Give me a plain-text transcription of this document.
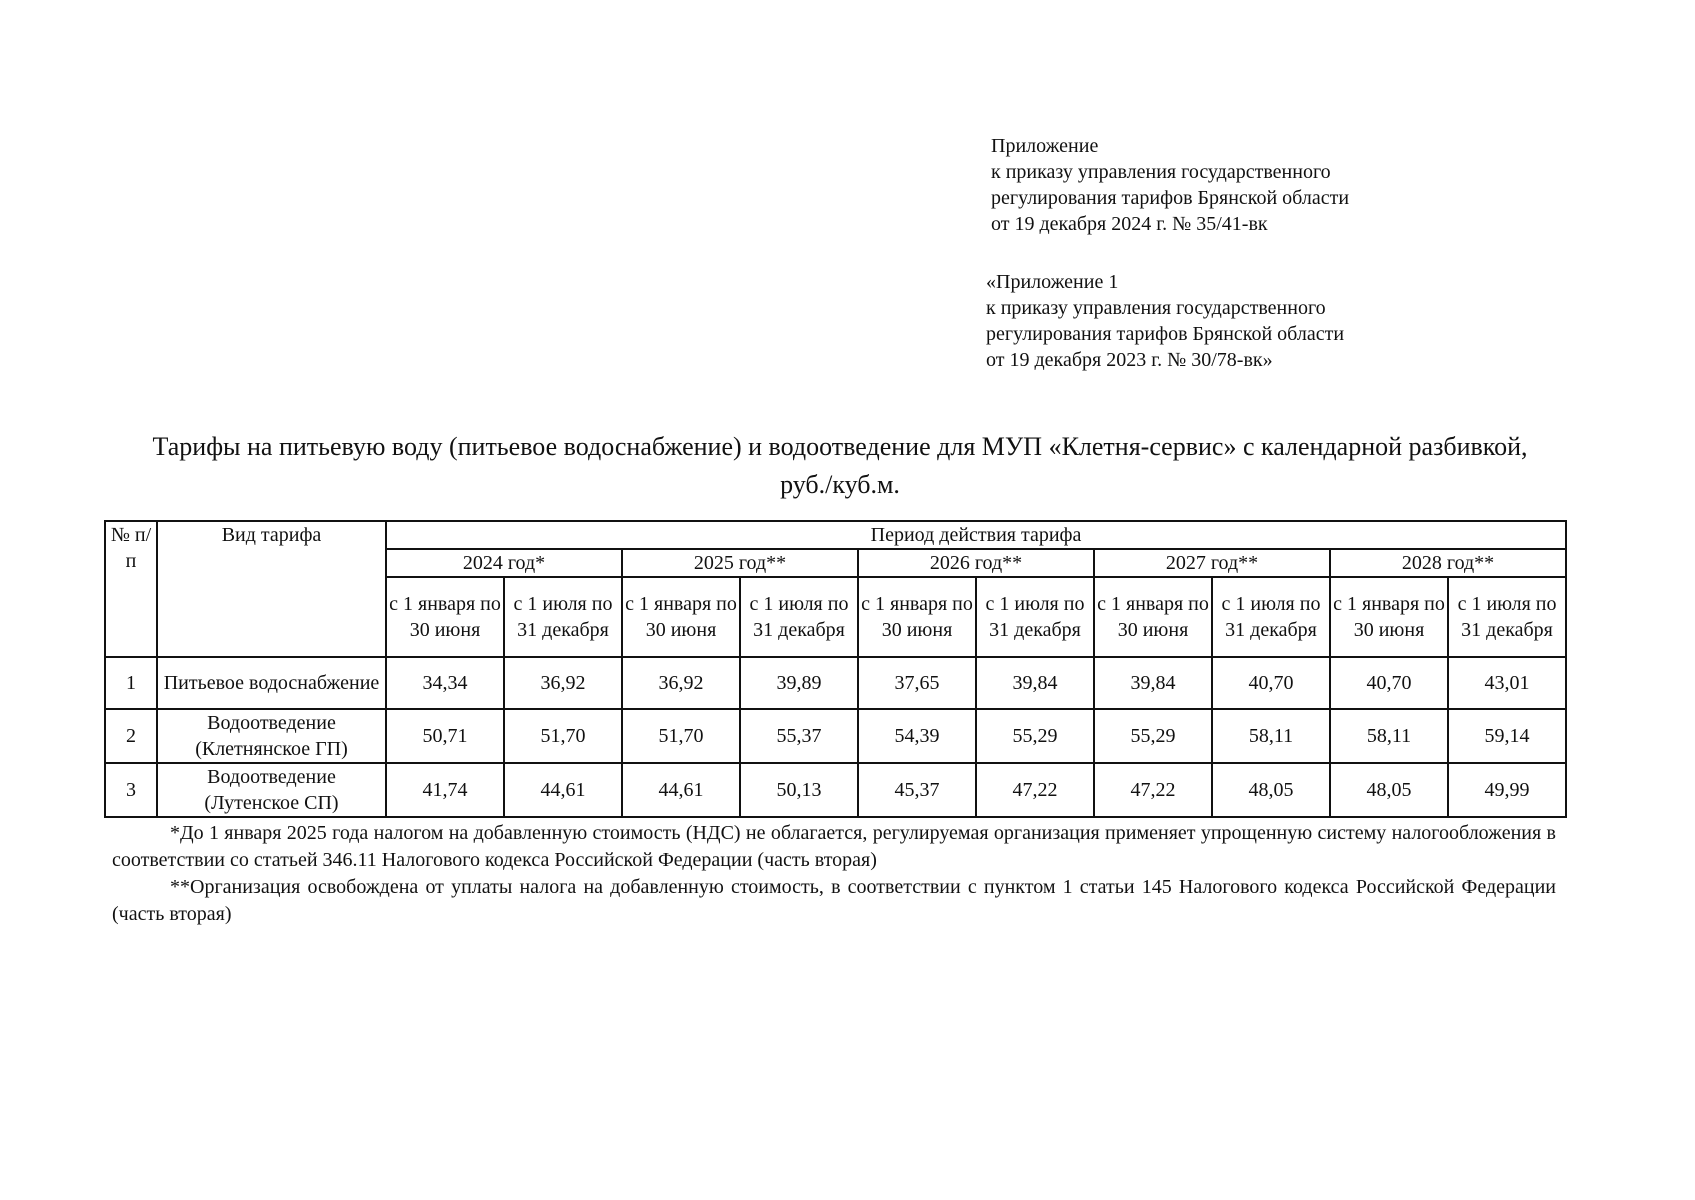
Приложение
к приказу управления государственного
регулирования тарифов Брянской области
от 19 декабря 2024 г. № 35/41-вк
«Приложение 1
к приказу управления государственного
регулирования тарифов Брянской области
от 19 декабря 2023 г. № 30/78-вк»
Тарифы на питьевую воду (питьевое водоснабжение) и водоотведение для МУП «Клетня-сервис» с календарной разбивкой,
руб./куб.м.
№ п/п	Вид тарифа	Период действия тарифа									
		2024 год*		2025 год**		2026 год**		2027 год**		2028 год**	
		с 1 января по 30 июня	с 1 июля по 31 декабря	с 1 января по 30 июня	с 1 июля по 31 декабря	с 1 января по 30 июня	с 1 июля по 31 декабря	с 1 января по 30 июня	с 1 июля по 31 декабря	с 1 января по 30 июня	с 1 июля по 31 декабря
1	Питьевое водоснабжение	34,34	36,92	36,92	39,89	37,65	39,84	39,84	40,70	40,70	43,01
2	Водоотведение (Клетнянское ГП)	50,71	51,70	51,70	55,37	54,39	55,29	55,29	58,11	58,11	59,14
3	Водоотведение (Лутенское СП)	41,74	44,61	44,61	50,13	45,37	47,22	47,22	48,05	48,05	49,99

*До 1 января 2025 года налогом на добавленную стоимость (НДС) не облагается, регулируемая организация применяет упрощенную систему налогообложения в соответствии со статьей 346.11 Налогового кодекса Российской Федерации (часть вторая)

**Организация освобождена от уплаты налога на добавленную стоимость, в соответствии с пунктом 1 статьи 145 Налогового кодекса Российской Федерации (часть вторая)
